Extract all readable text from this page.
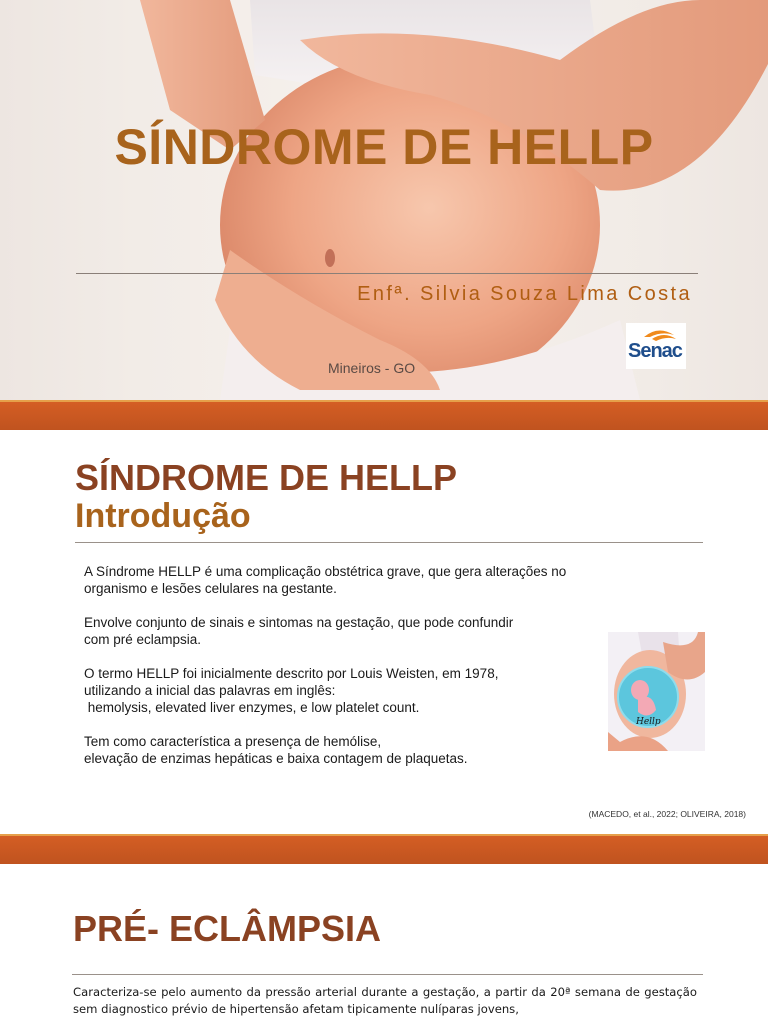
SÍNDROME DE HELLP
Enfª. Silvia Souza Lima Costa
Senac
Mineiros - GO
SÍNDROME DE HELLP
Introdução

A Síndrome HELLP é uma complicação obstétrica grave, que gera alterações no
organismo e lesões celulares na gestante.

Envolve conjunto de sinais e sintomas na gestação, que pode confundir
com pré eclampsia.

O termo HELLP foi inicialmente descrito por Louis Weisten, em 1978,
utilizando a inicial das palavras em inglês:
hemolysis, elevated liver enzymes, e low platelet count.

Tem como característica a presença de hemólise,
elevação de enzimas hepáticas e baixa contagem de plaquetas.

Hellp
(MACEDO, et al., 2022; OLIVEIRA, 2018)
PRÉ- ECLÂMPSIA
Caracteriza-se pelo aumento da pressão arterial durante a gestação, a partir da 20ª semana de gestação sem diagnostico prévio de hipertensão afetam tipicamente nulíparas jovens,
